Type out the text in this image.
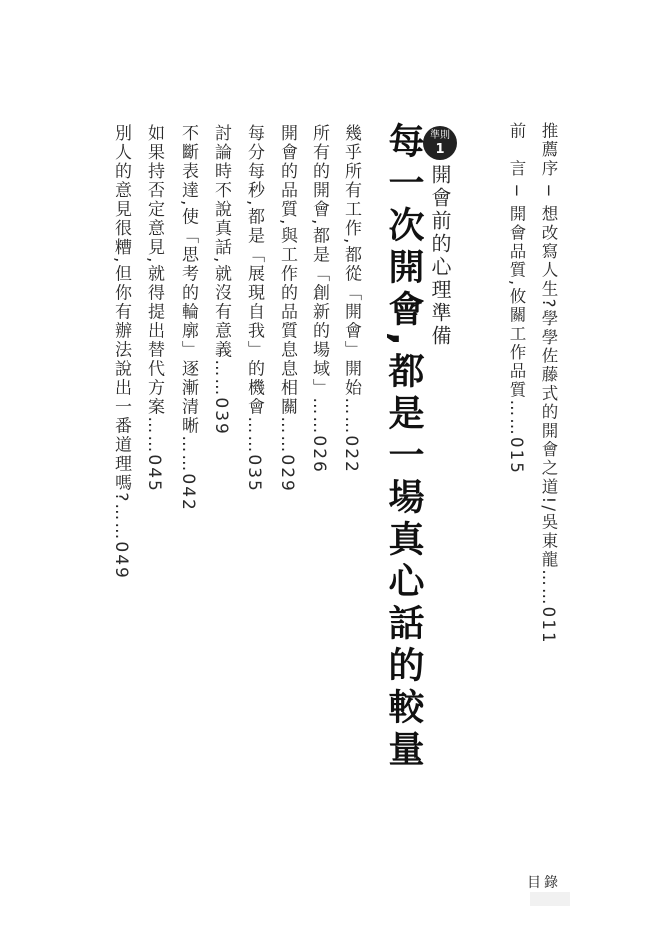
推薦序 ─ 想改寫人生?學學佐藤式的開會之道!/吳東龍……011
前　言 ─ 開會品質,攸關工作品質……015
準則
1
開會前的心理準備
每一次開會,都是一場真心話的較量
幾乎所有工作,都從「開會」開始……022
所有的開會,都是「創新的場域」……026
開會的品質,與工作的品質息息相關……029
每分每秒,都是「展現自我」的機會……035
討論時不說真話,就沒有意義……039
不斷表達,使「思考的輪廓」逐漸清晰……042
如果持否定意見,就得提出替代方案……045
別人的意見很糟,但你有辦法說出一番道理嗎?……049
目錄
